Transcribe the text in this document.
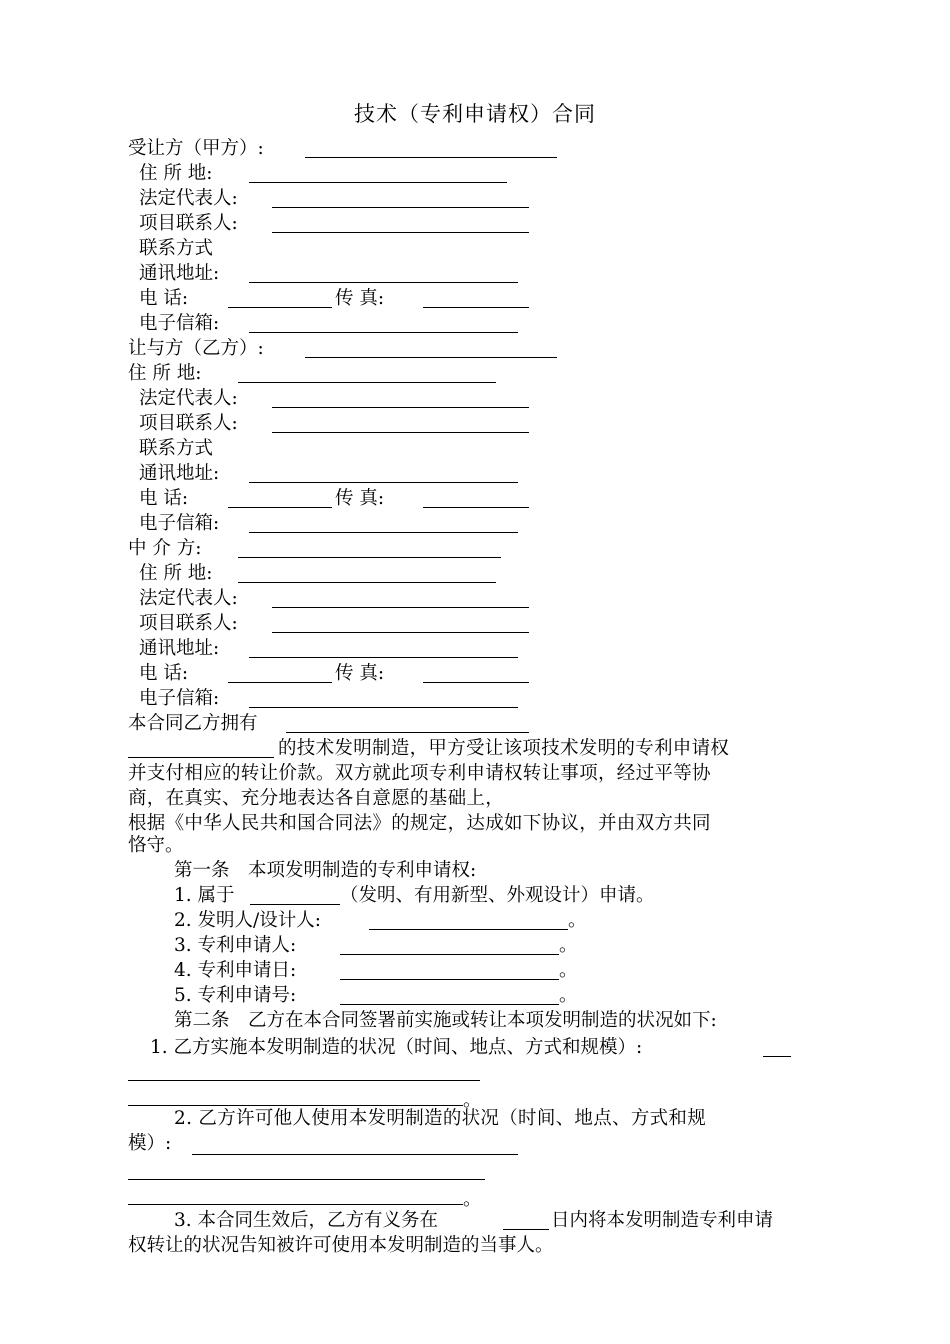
技术（专利申请权）合同
受让方（甲方）:
住 所 地:
法定代表人:
项目联系人:
联系方式
通讯地址:
电 话:	传 真:
电子信箱:
让与方（乙方）:
住 所 地:
法定代表人:
项目联系人:
联系方式
通讯地址:
电 话:	传 真:
电子信箱:
中 介 方:
住 所 地:
法定代表人:
项目联系人:
通讯地址:
电 话:	传 真:
电子信箱:
本合同乙方拥有
的技术发明制造，甲方受让该项技术发明的专利申请权
并支付相应的转让价款。双方就此项专利申请权转让事项，经过平等协
商，在真实、充分地表达各自意愿的基础上，
根据《中华人民共和国合同法》的规定，达成如下协议，并由双方共同
恪守。
第一条　本项发明制造的专利申请权:
1. 属于	（发明、有用新型、外观设计）申请。
2. 发明人/设计人:	。
3. 专利申请人:	。
4. 专利申请日:	。
5. 专利申请号:	。
第二条　乙方在本合同签署前实施或转让本项发明制造的状况如下:
1. 乙方实施本发明制造的状况（时间、地点、方式和规模）:
。
2. 乙方许可他人使用本发明制造的状况（时间、地点、方式和规
模）:
。
3. 本合同生效后，乙方有义务在	日内将本发明制造专利申请
权转让的状况告知被许可使用本发明制造的当事人。
